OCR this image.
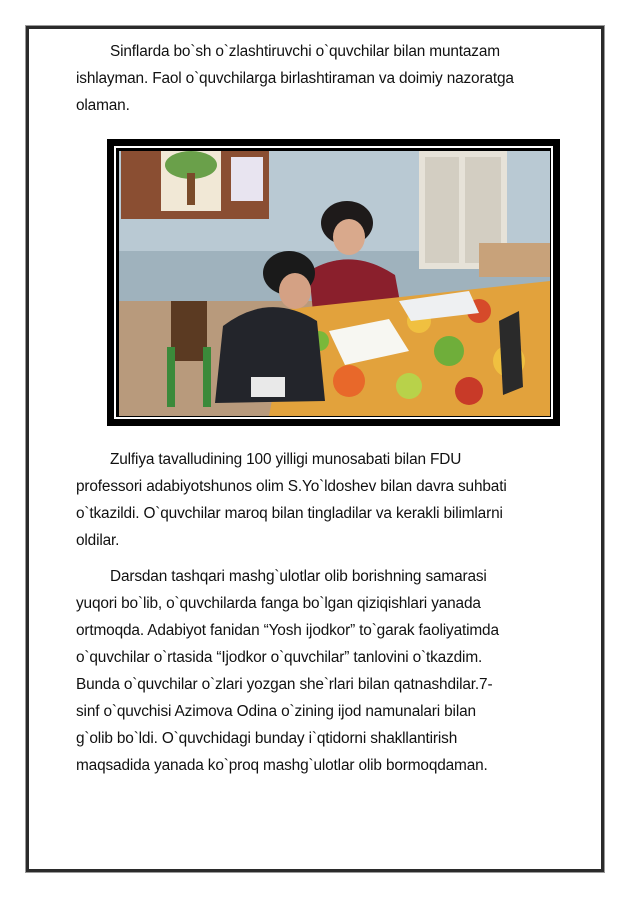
Sinflarda bo`sh o`zlashtiruvchi o`quvchilar bilan muntazam
ishlayman. Faol o`quvchilarga birlashtiraman va doimiy nazoratga
olaman.

Zulfiya tavalludining 100 yilligi munosabati bilan FDU
professori adabiyotshunos olim S.Yo`ldoshev bilan davra suhbati
o`tkazildi. O`quvchilar maroq bilan tingladilar va kerakli bilimlarni
oldilar.

Darsdan tashqari mashg`ulotlar olib borishning samarasi
yuqori bo`lib, o`quvchilarda fanga bo`lgan qiziqishlari yanada
ortmoqda. Adabiyot fanidan “Yosh ijodkor” to`garak faoliyatimda
o`quvchilar o`rtasida “Ijodkor o`quvchilar” tanlovini o`tkazdim.
Bunda o`quvchilar o`zlari yozgan she`rlari bilan qatnashdilar.7-
sinf o`quvchisi Azimova Odina o`zining ijod namunalari bilan
g`olib bo`ldi. O`quvchidagi bunday i`qtidorni shakllantirish
maqsadida yanada ko`proq mashg`ulotlar olib bormoqdaman.
